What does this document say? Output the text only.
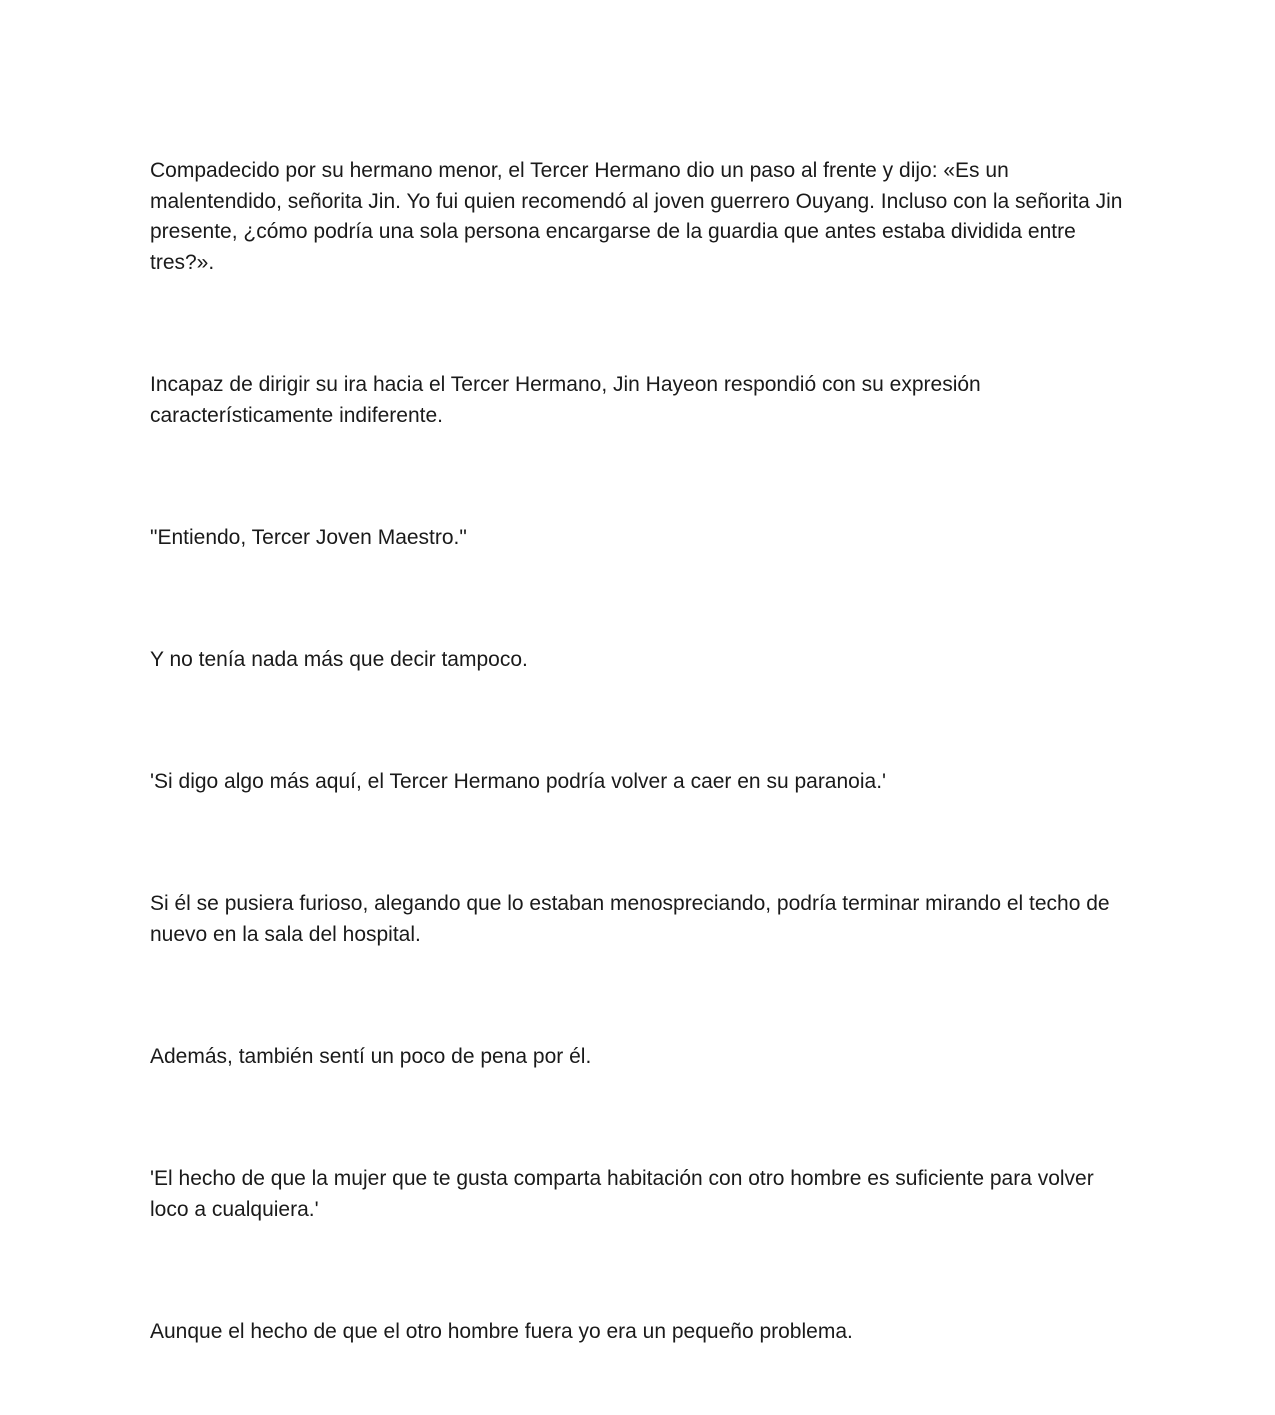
Compadecido por su hermano menor, el Tercer Hermano dio un paso al frente y dijo: «Es un malentendido, señorita Jin. Yo fui quien recomendó al joven guerrero Ouyang. Incluso con la señorita Jin presente, ¿cómo podría una sola persona encargarse de la guardia que antes estaba dividida entre tres?».

Incapaz de dirigir su ira hacia el Tercer Hermano, Jin Hayeon respondió con su expresión característicamente indiferente.

"Entiendo, Tercer Joven Maestro."

Y no tenía nada más que decir tampoco.

'Si digo algo más aquí, el Tercer Hermano podría volver a caer en su paranoia.'

Si él se pusiera furioso, alegando que lo estaban menospreciando, podría terminar mirando el techo de nuevo en la sala del hospital.

Además, también sentí un poco de pena por él.

'El hecho de que la mujer que te gusta comparta habitación con otro hombre es suficiente para volver loco a cualquiera.'

Aunque el hecho de que el otro hombre fuera yo era un pequeño problema.
